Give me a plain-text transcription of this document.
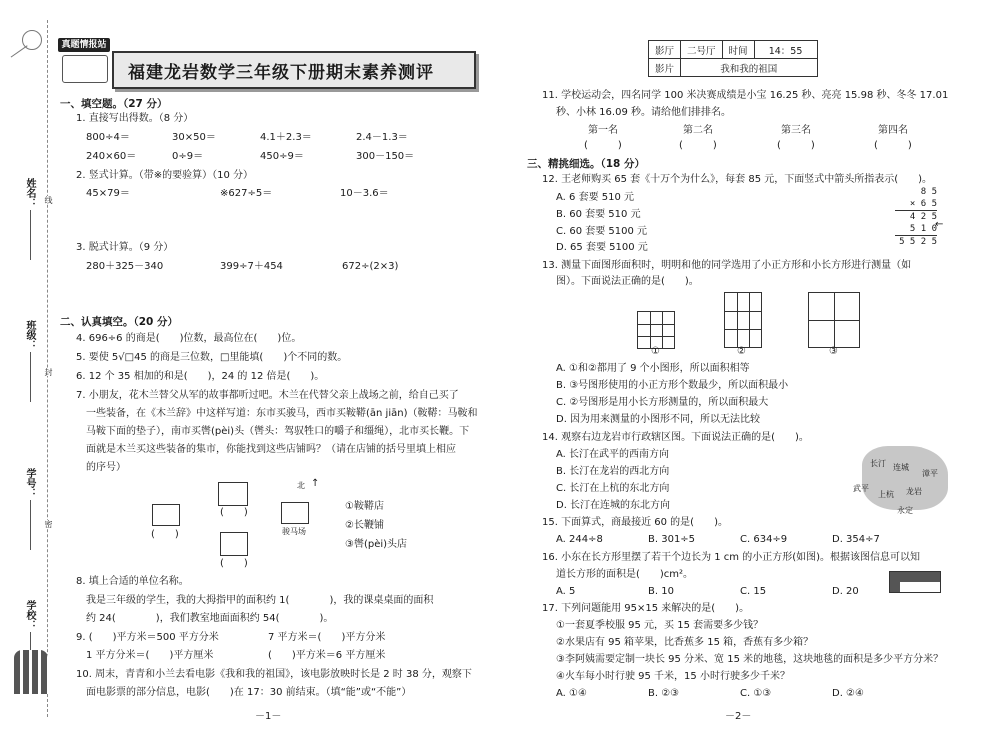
姓名：
班级：
学号：
学校：
线
封
密
真题情报站
福建龙岩数学三年级下册期末素养测评
一、填空题。（27 分）
1. 直接写出得数。（8 分）
800÷4＝	30×50＝	4.1＋2.3＝	2.4－1.3＝
240×60＝	0÷9＝	450÷9＝	300－150＝
2. 竖式计算。（带※的要验算）（10 分）
45×79＝	※627÷5＝	10－3.6＝
3. 脱式计算。（9 分）
280＋325－340	399÷7＋454	672÷(2×3)
二、认真填空。（20 分）
4. 696÷6 的商是(　　)位数，最高位在(　　)位。
5. 要使 5√□45 的商是三位数，□里能填(　　)个不同的数。
6. 12 个 35 相加的和是(　　)，24 的 12 倍是(　　)。
7. 小朋友，花木兰替父从军的故事都听过吧。木兰在代替父亲上战场之前，给自己买了
一些装备，在《木兰辞》中这样写道：东市买骏马，西市买鞍鞯(ān jiān)（鞍鞯：马鞍和
马鞍下面的垫子），南市买辔(pèi)头（辔头：驾驭牲口的嚼子和缰绳），北市买长鞭。下
面就是木兰买这些装备的集市，你能找到这些店铺吗？（请在店铺的括号里填上相应
的序号）
(　　)
(　　)	骏马场
(　　)
北 ↑
①鞍鞯店
②长鞭铺
③辔(pèi)头店
8. 填上合适的单位名称。
我是三年级的学生，我的大拇指甲的面积约 1(　　　　)，我的课桌桌面的面积
约 24(　　　　)，我们教室地面面积约 54(　　　　)。
9. (　　)平方米＝500 平方分米	7 平方米＝(　　)平方分米
1 平方分米＝(　　)平方厘米	(　　)平方米＝6 平方厘米
10. 周末，青青和小兰去看电影《我和我的祖国》，该电影放映时长是 2 时 38 分，观察下
面电影票的部分信息，电影(　　)在 17：30 前结束。（填“能”或“不能”）
－1－
影厅	二号厅	时间	14：55
影片	我和我的祖国		
11. 学校运动会，四名同学 100 米决赛成绩是小宝 16.25 秒、亮亮 15.98 秒、冬冬 17.01
秒、小林 16.09 秒。请给他们排排名。
第一名	第二名	第三名	第四名
(　　　)	(　　　)	(　　　)	(　　　)
三、精挑细选。（18 分）
12. 王老师购买 65 套《十万个为什么》，每套 85 元，下面竖式中箭头所指表示(　　)。
A. 6 套要 510 元
B. 60 套要 510 元
C. 60 套要 5100 元
D. 65 套要 5100 元
8 5
× 6 5
4 2 5
5 1 0
5 5 2 5
←
13. 测量下面图形面积时，明明和他的同学选用了小正方形和小长方形进行测量（如
图）。下面说法正确的是(　　)。
①	②	③
A. ①和②都用了 9 个小图形，所以面积相等
B. ③号图形使用的小正方形个数最少，所以面积最小
C. ②号图形是用小长方形测量的，所以面积最大
D. 因为用来测量的小图形不同，所以无法比较
14. 观察右边龙岩市行政辖区图。下面说法正确的是(　　)。
A. 长汀在武平的西南方向
B. 长汀在龙岩的西北方向
C. 长汀在上杭的东北方向
D. 长汀在连城的东北方向
长汀 连城
漳平
武平
上杭 龙岩
永定
15. 下面算式，商最接近 60 的是(　　)。
A. 244÷8	B. 301÷5	C. 634÷9	D. 354÷7
16. 小东在长方形里摆了若干个边长为 1 cm 的小正方形(如图)。根据该图信息可以知
道长方形的面积是(　　)cm²。
A. 5	B. 10	C. 15	D. 20
17. 下列问题能用 95×15 来解决的是(　　)。
①一套夏季校服 95 元，买 15 套需要多少钱？
②水果店有 95 箱苹果，比香蕉多 15 箱，香蕉有多少箱？
③李阿姨需要定制一块长 95 分米、宽 15 米的地毯，这块地毯的面积是多少平方分米？
④火车每小时行驶 95 千米，15 小时行驶多少千米？
A. ①④	B. ②③	C. ①③	D. ②④
－2－
